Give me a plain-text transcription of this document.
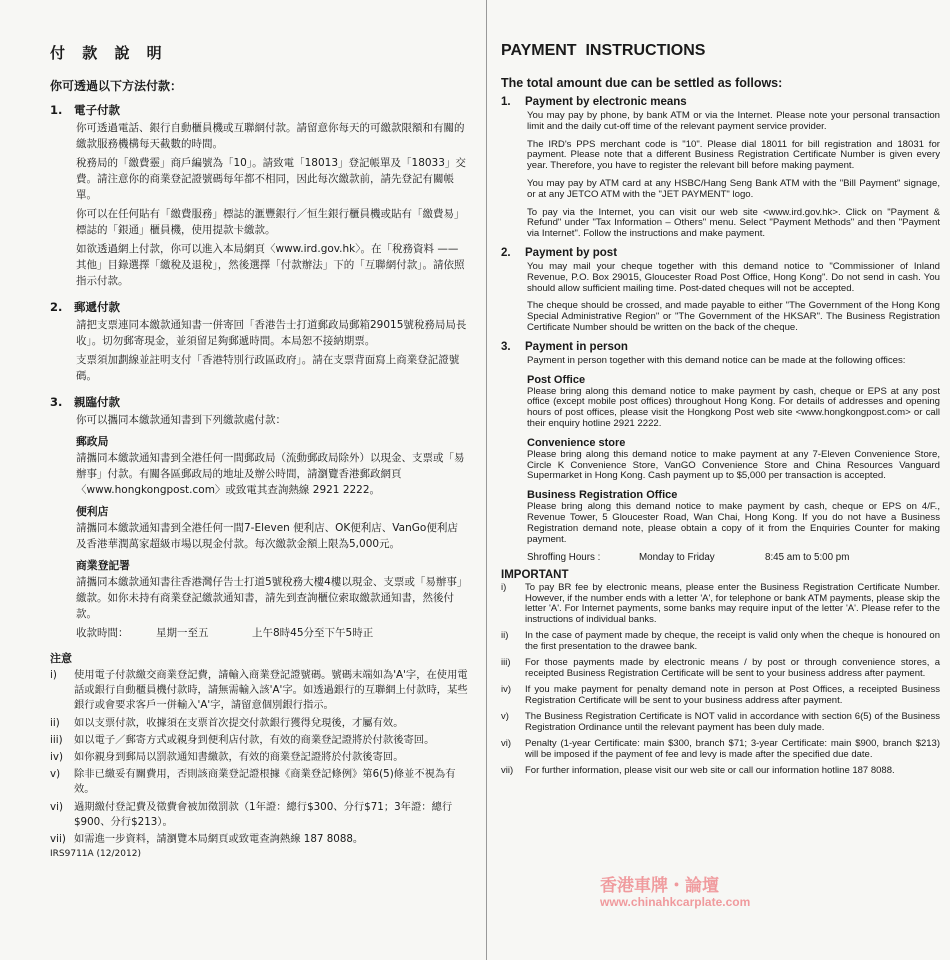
付 款 說 明
你可透過以下方法付款：
1. 電子付款

你可透過電話、銀行自動櫃員機或互聯網付款。請留意你每天的可繳款限額和有關的繳款服務機構每天截數的時間。

稅務局的「繳費靈」商戶編號為「10」。請致電「18013」登記帳單及「18033」交費。請注意你的商業登記證號碼每年都不相同，因此每次繳款前，請先登記有關帳單。

你可以在任何貼有「繳費服務」標誌的滙豐銀行／恒生銀行櫃員機或貼有「繳費易」標誌的「銀通」櫃員機，使用提款卡繳款。

如欲透過網上付款，你可以進入本局網頁〈www.ird.gov.hk〉。在「稅務資料 —— 其他」目錄選擇「繳稅及退稅」，然後選擇「付款辦法」下的「互聯網付款」。請依照指示付款。

2. 郵遞付款

請把支票連同本繳款通知書一併寄回「香港告士打道郵政局郵箱29015號稅務局局長收」。切勿郵寄現金，並須留足夠郵遞時間。本局恕不接納期票。

支票須加劃線並註明支付「香港特別行政區政府」。請在支票背面寫上商業登記證號碼。

3. 親臨付款

你可以攜同本繳款通知書到下列繳款處付款：

郵政局

請攜同本繳款通知書到全港任何一間郵政局（流動郵政局除外）以現金、支票或「易辦事」付款。有關各區郵政局的地址及辦公時間，請瀏覽香港郵政網頁〈www.hongkongpost.com〉或致電其查詢熱線 2921 2222。

便利店

請攜同本繳款通知書到全港任何一間7-Eleven 便利店、OK便利店、VanGo便利店及香港華潤萬家超級市場以現金付款。每次繳款金額上限為5,000元。

商業登記署

請攜同本繳款通知書往香港灣仔告士打道5號稅務大樓4樓以現金、支票或「易辦事」繳款。如你未持有商業登記繳款通知書，請先到查詢櫃位索取繳款通知書，然後付款。

收款時間：	星期一至五	上午8時45分至下午5時正
注意
i)	使用電子付款繳交商業登記費，請輸入商業登記證號碼。號碼末端如為'A'字，在使用電話或銀行自動櫃員機付款時，請無需輸入該'A'字。如透過銀行的互聯網上付款時，某些銀行或會要求客戶一併輸入'A'字，請留意個別銀行指示。
ii)	如以支票付款，收據須在支票首次提交付款銀行獲得兌現後，才屬有效。
iii)	如以電子／郵寄方式或親身到便利店付款，有效的商業登記證將於付款後寄回。
iv)	如你親身到郵局以罰款通知書繳款，有效的商業登記證將於付款後寄回。
v)	除非已繳妥有關費用，否則該商業登記證根據《商業登記條例》第6(5)條並不視為有效。
vi)	過期繳付登記費及徵費會被加徵罰款（1年證：總行$300、分行$71；3年證：總行$900、分行$213）。
vii) 如需進一步資料，請瀏覽本局網頁或致電查詢熱線 187 8088。
IRS9711A (12/2012)
PAYMENT  INSTRUCTIONS
The total amount due can be settled as follows:
1. Payment by electronic means

You may pay by phone, by bank ATM or via the Internet. Please note your personal transaction limit and the daily cut-off time of the relevant payment service provider.

The IRD's PPS merchant code is "10". Please dial 18011 for bill registration and 18031 for payment. Please note that a different Business Registration Certificate Number is given every year. Therefore, you have to register the relevant bill before making payment.

You may pay by ATM card at any HSBC/Hang Seng Bank ATM with the "Bill Payment" signage, or at any JETCO ATM with the "JET PAYMENT" logo.

To pay via the Internet, you can visit our web site <www.ird.gov.hk>. Click on "Payment & Refund" under "Tax Information – Others" menu. Select "Payment Methods" and then "Payment via Internet". Follow the instructions and make payment.

2. Payment by post

You may mail your cheque together with this demand notice to "Commissioner of Inland Revenue, P.O. Box 29015, Gloucester Road Post Office, Hong Kong". Do not send in cash. You should allow sufficient mailing time. Post-dated cheques will not be accepted.

The cheque should be crossed, and made payable to either "The Government of the Hong Kong Special Administrative Region" or "The Government of the HKSAR". The Business Registration Certificate Number should be written on the back of the cheque.

3. Payment in person

Payment in person together with this demand notice can be made at the following offices:

Post Office

Please bring along this demand notice to make payment by cash, cheque or EPS at any post office (except mobile post offices) throughout Hong Kong. For details of addresses and opening hours of post offices, please visit the Hongkong Post web site <www.hongkongpost.com> or call their enquiry hotline 2921 2222.

Convenience store

Please bring along this demand notice to make payment at any 7-Eleven Convenience Store, Circle K Convenience Store, VanGO Convenience Store and China Resources Vanguard Supermarket in Hong Kong. Cash payment up to $5,000 per transaction is accepted.

Business Registration Office

Please bring along this demand notice to make payment by cash, cheque or EPS on 4/F., Revenue Tower, 5 Gloucester Road, Wan Chai, Hong Kong. If you do not have a Business Registration demand note, please obtain a copy of it from the Enquiries Counter for making payment.

Shroffing Hours :	Monday to Friday	8:45 am to 5:00 pm
IMPORTANT
i)	To pay BR fee by electronic means, please enter the Business Registration Certificate Number. However, if the number ends with a letter 'A', for telephone or bank ATM payments, please skip the letter 'A'. For Internet payments, some banks may require input of the letter 'A'. Please refer to the instructions of individual banks.
ii)	In the case of payment made by cheque, the receipt is valid only when the cheque is honoured on the first presentation to the drawee bank.
iii)	For those payments made by electronic means / by post or through convenience stores, a receipted Business Registration Certificate will be sent to your business address after payment.
iv)	If you make payment for penalty demand note in person at Post Offices, a receipted Business Registration Certificate will be sent to your business address after payment.
v)	The Business Registration Certificate is NOT valid in accordance with section 6(5) of the Business Registration Ordinance until the relevant payment has been duly made.
vi)	Penalty (1-year Certificate: main $300, branch $71; 3-year Certificate: main $900, branch $213) will be imposed if the payment of fee and levy is made after the specified due date.
vii)	For further information, please visit our web site or call our information hotline 187 8088.
香港車牌・論壇
www.chinahkcarplate.com
